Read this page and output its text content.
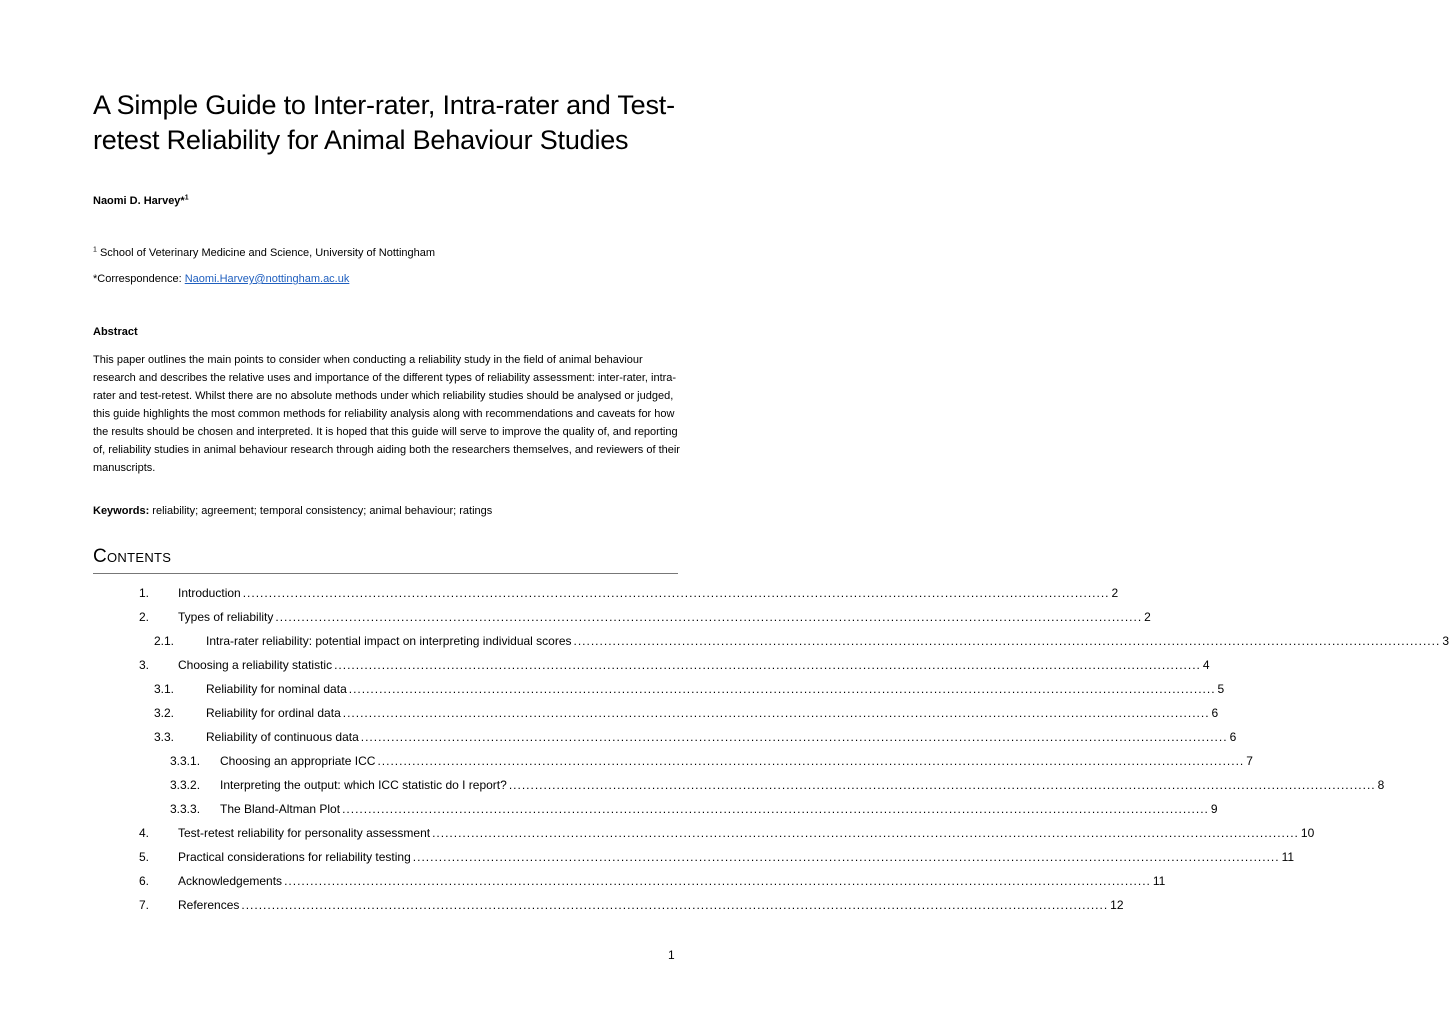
A Simple Guide to Inter-rater, Intra-rater and Test-retest Reliability for Animal Behaviour Studies
Naomi D. Harvey*$^1$
$^1$ School of Veterinary Medicine and Science, University of Nottingham
*Correspondence: Naomi.Harvey@nottingham.ac.uk
Abstract

This paper outlines the main points to consider when conducting a reliability study in the field of animal behaviour research and describes the relative uses and importance of the different types of reliability assessment: inter-rater, intra-rater and test-retest. Whilst there are no absolute methods under which reliability studies should be analysed or judged, this guide highlights the most common methods for reliability analysis along with recommendations and caveats for how the results should be chosen and interpreted. It is hoped that this guide will serve to improve the quality of, and reporting of, reliability studies in animal behaviour research through aiding both the researchers themselves, and reviewers of their manuscripts.

Keywords: reliability; agreement; temporal consistency; animal behaviour; ratings
Contents
1. Introduction ........................................................................................................................................................................................................ 2
2. Types of reliability ........................................................................................................................................................................................................ 2
2.1.	Intra-rater reliability: potential impact on interpreting individual scores ........................................................................................................................................................................................................ 3
3. Choosing a reliability statistic ........................................................................................................................................................................................................ 4
3.1.	Reliability for nominal data ........................................................................................................................................................................................................ 5
3.2.	Reliability for ordinal data ........................................................................................................................................................................................................ 6
3.3.	Reliability of continuous data ........................................................................................................................................................................................................ 6
3.3.1. Choosing an appropriate ICC ........................................................................................................................................................................................................ 7
3.3.2. Interpreting the output: which ICC statistic do I report? ........................................................................................................................................................................................................ 8
3.3.3. The Bland-Altman Plot ........................................................................................................................................................................................................ 9
4. Test-retest reliability for personality assessment ........................................................................................................................................................................................................ 10
5. Practical considerations for reliability testing ........................................................................................................................................................................................................ 11
6. Acknowledgements ........................................................................................................................................................................................................ 11
7. References ........................................................................................................................................................................................................ 12
1
